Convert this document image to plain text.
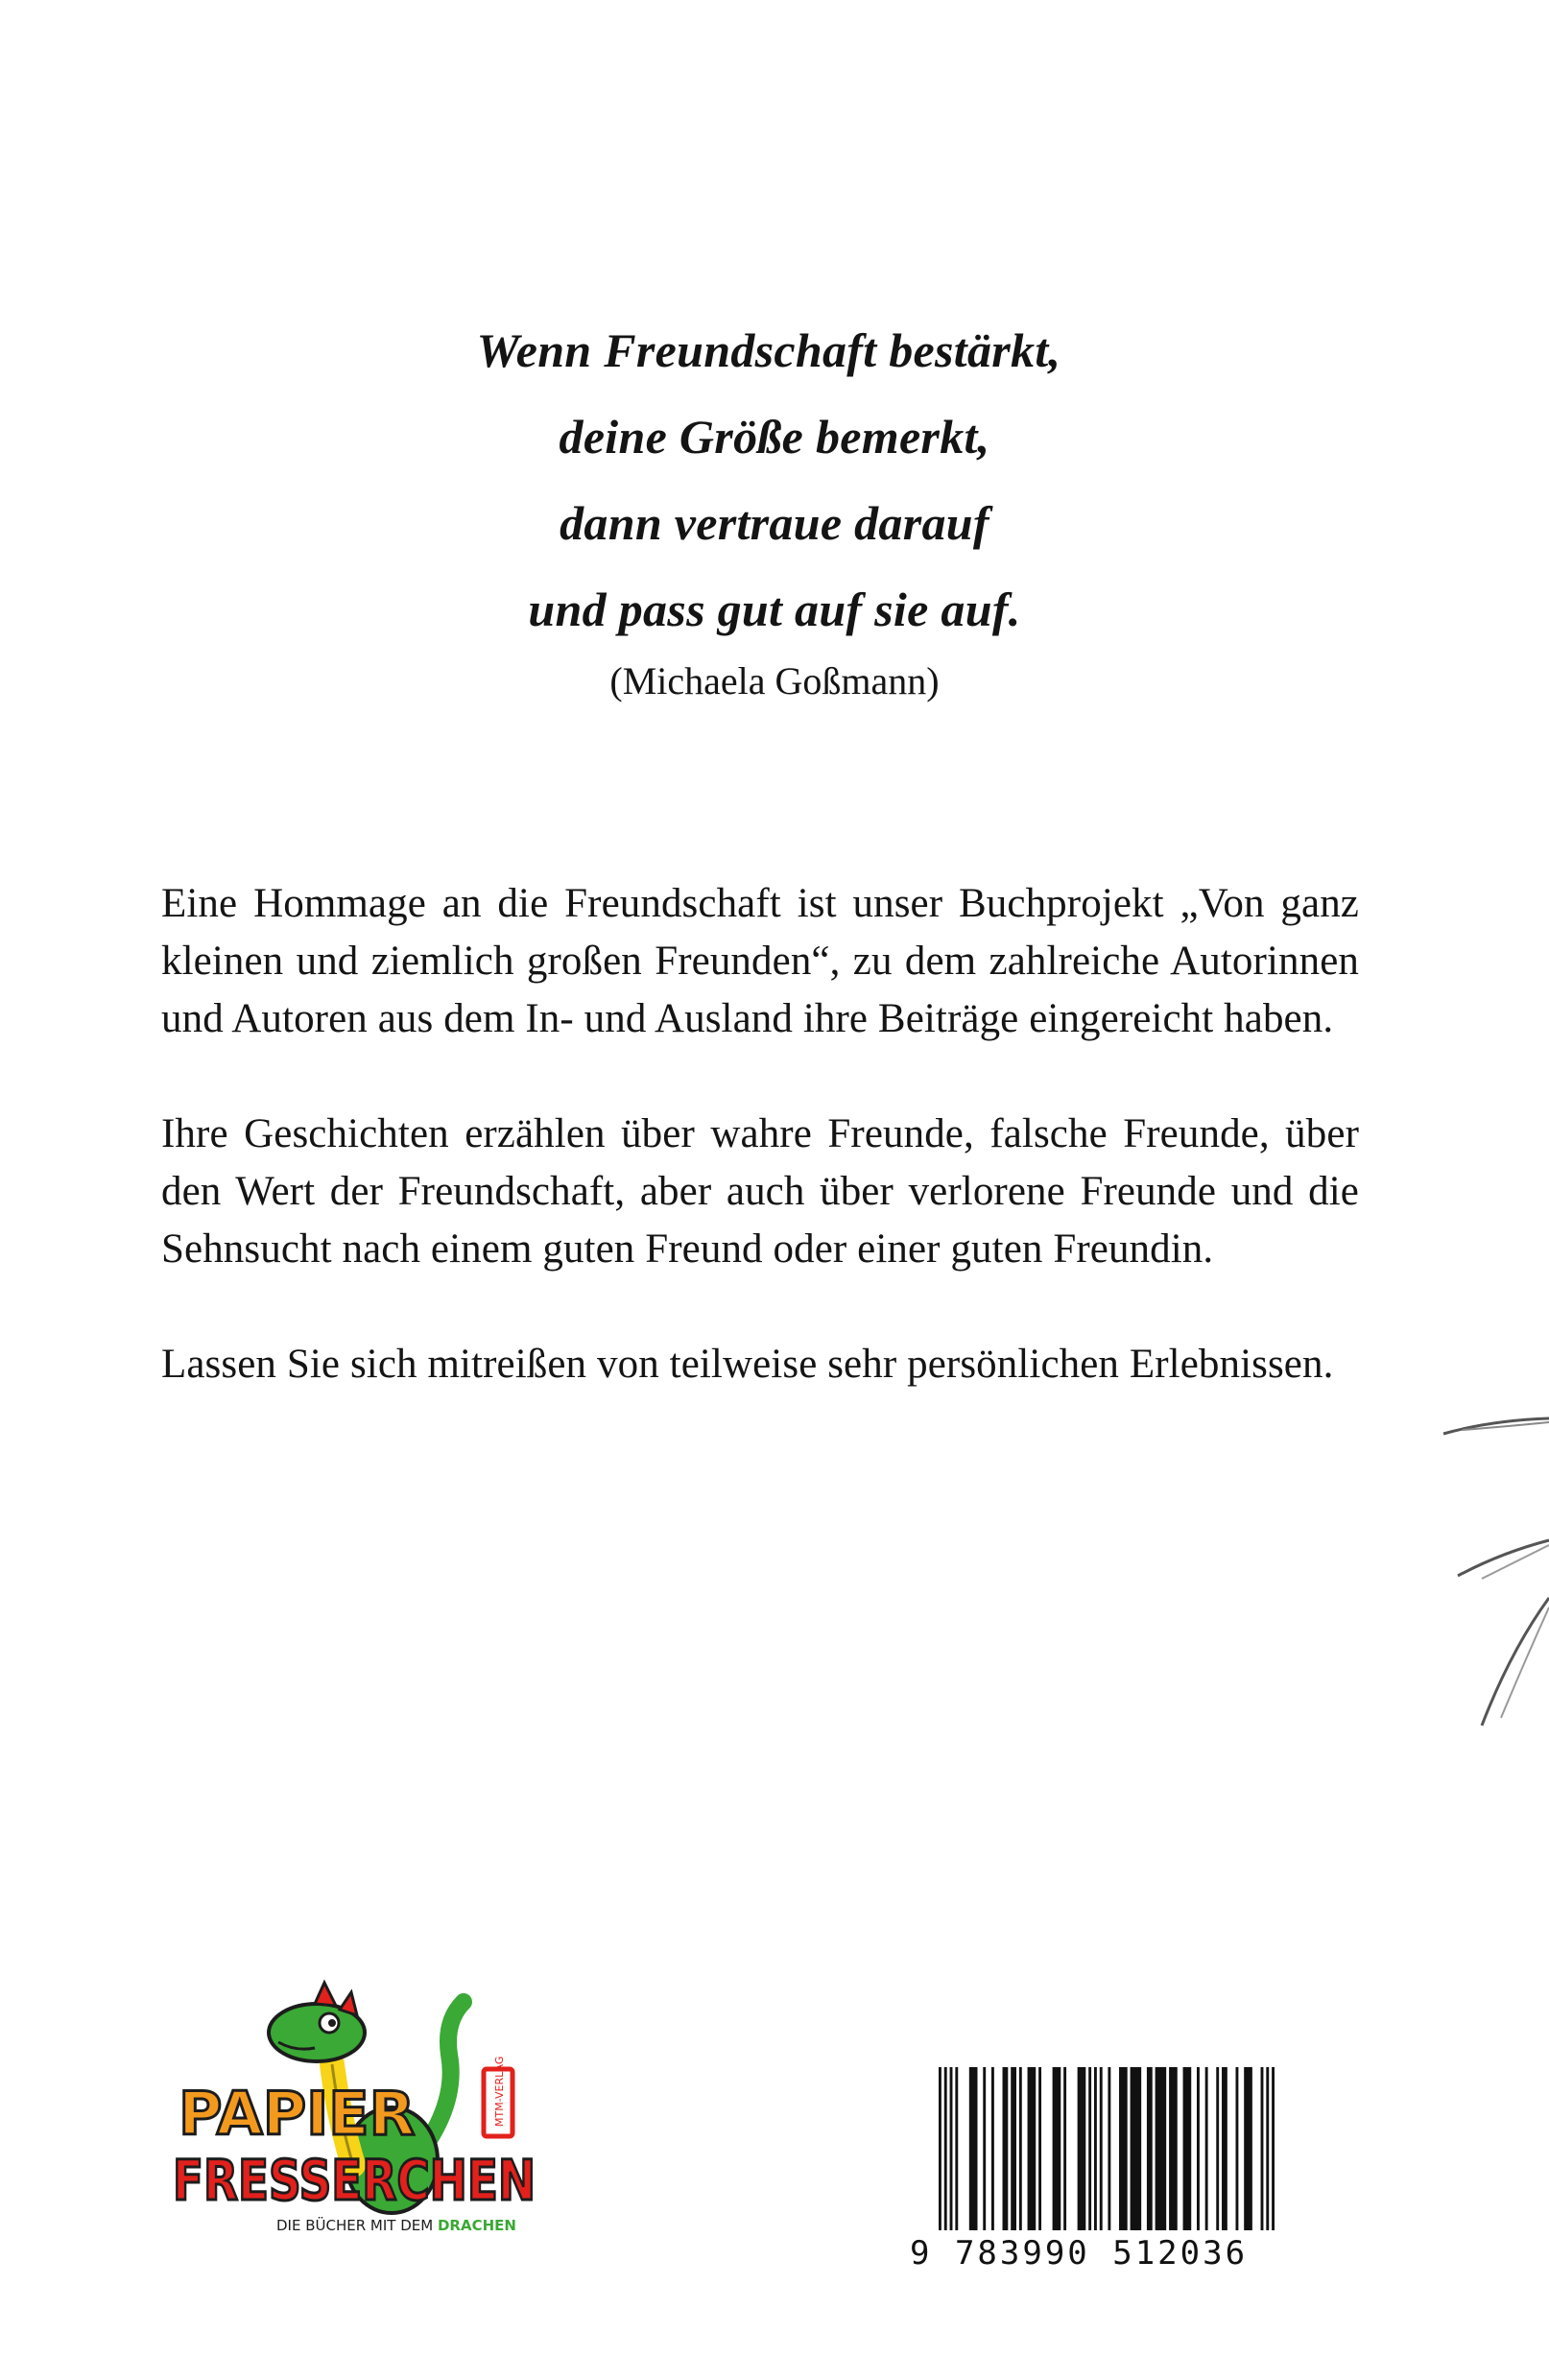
Wenn Freundschaft bestärkt,
deine Größe bemerkt,
dann vertraue darauf
und pass gut auf sie auf.
(Michaela Goßmann)

Eine Hommage an die Freundschaft ist unser Buchprojekt „Von ganz kleinen und ziemlich großen Freunden“, zu dem zahlreiche Autorinnen und Autoren aus dem In- und Ausland ihre Beiträge eingereicht haben.

Ihre Geschichten erzählen über wahre Freunde, falsche Freunde, über den Wert der Freundschaft, aber auch über verlorene Freunde und die Sehnsucht nach einem guten Freund oder einer guten Freundin.

Lassen Sie sich mitreißen von teilweise sehr persönlichen Erlebnissen.

PAPIER
FRESSERCHEN
DIE BÜCHER MIT DEM DRACHEN
MTM-VERLAG
9 783990 512036
